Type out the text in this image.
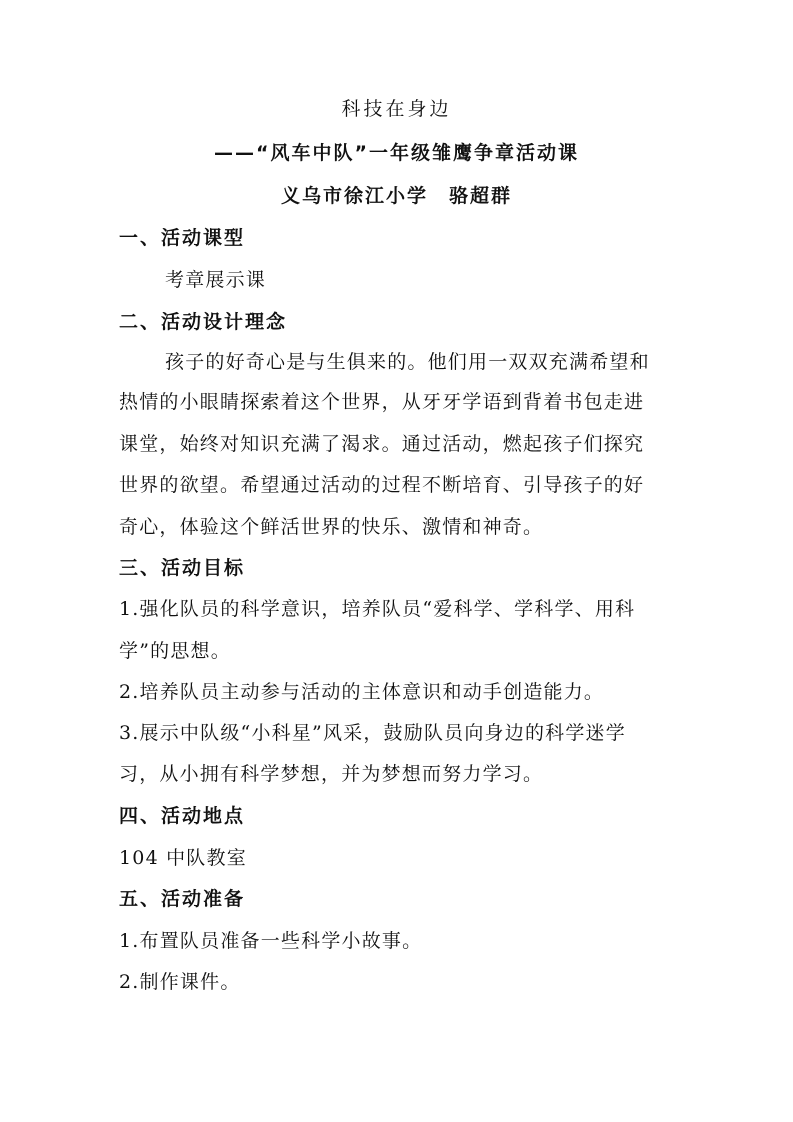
科技在身边
——“风车中队”一年级雏鹰争章活动课
义乌市徐江小学　骆超群
一、活动课型
考章展示课
二、活动设计理念
孩子的好奇心是与生俱来的。他们用一双双充满希望和
热情的小眼睛探索着这个世界，从牙牙学语到背着书包走进
课堂，始终对知识充满了渴求。通过活动，燃起孩子们探究
世界的欲望。希望通过活动的过程不断培育、引导孩子的好
奇心，体验这个鲜活世界的快乐、激情和神奇。
三、活动目标
1.强化队员的科学意识，培养队员“爱科学、学科学、用科
学”的思想。
2.培养队员主动参与活动的主体意识和动手创造能力。
3.展示中队级“小科星”风采，鼓励队员向身边的科学迷学
习，从小拥有科学梦想，并为梦想而努力学习。
四、活动地点
104 中队教室
五、活动准备
1.布置队员准备一些科学小故事。
2.制作课件。
